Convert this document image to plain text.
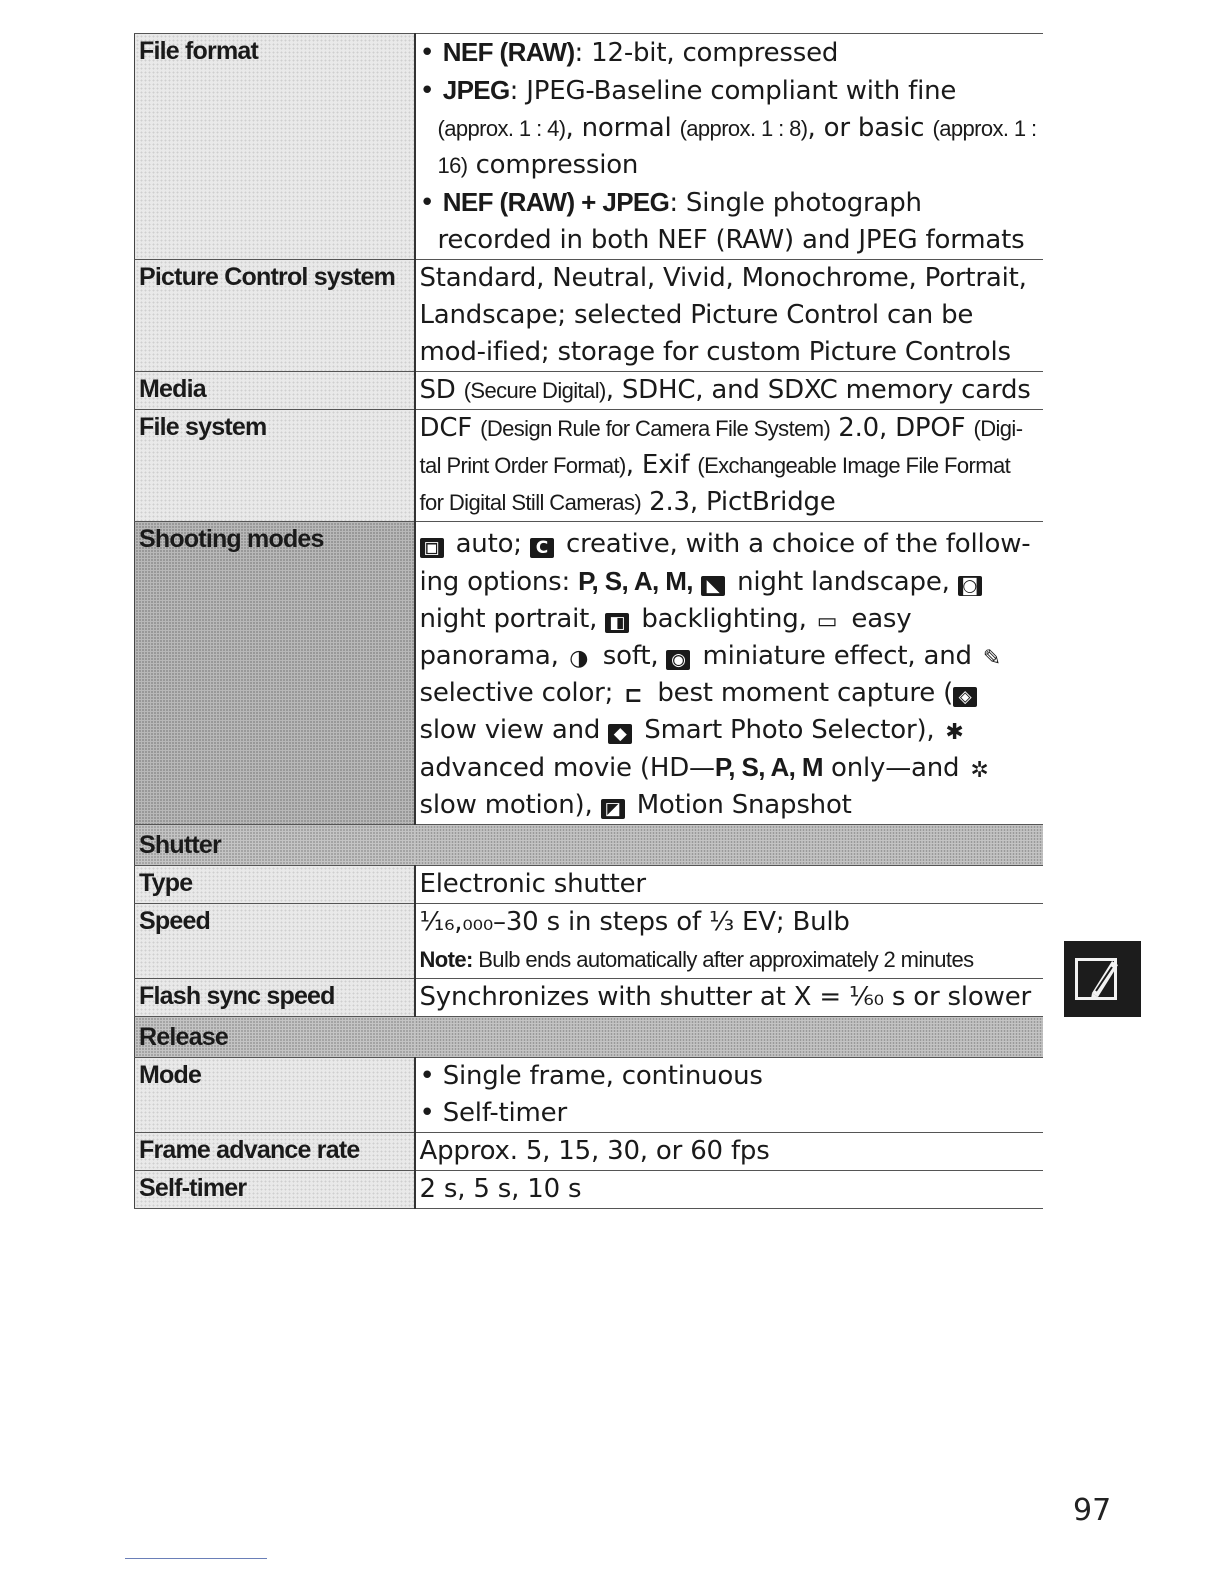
File format	• NEF (RAW): 12-bit, compressed
• JPEG: JPEG-Baseline compliant with fine (approx. 1 : 4), normal (approx. 1 : 8), or basic (approx. 1 : 16) compression
• NEF (RAW) + JPEG: Single photograph recorded in both NEF (RAW) and JPEG formats

Picture Control system	Standard, Neutral, Vivid, Monochrome, Portrait, Landscape; selected Picture Control can be mod-ified; storage for custom Picture Controls
Media	SD (Secure Digital), SDHC, and SDXC memory cards
File system	DCF (Design Rule for Camera File System) 2.0, DPOF (Digi-tal Print Order Format), Exif (Exchangeable Image File Format for Digital Still Cameras) 2.3, PictBridge
Shooting modes	▣ auto; C creative, with a choice of the follow-ing options: P, S, A, M, ◣ night landscape, ◙ night portrait, ◧ backlighting, ▭ easy panorama, ◑ soft, ◉ miniature effect, and ✎ selective color; ⊏ best moment capture ( ◈ slow view and ◆ Smart Photo Selector), ✱ advanced movie (HD—P, S, A, M only—and ✲ slow motion), ◪ Motion Snapshot
Shutter	
Type	Electronic shutter
Speed	¹⁄₁₆,₀₀₀–30 s in steps of ⅓ EV; Bulb

Note: Bulb ends automatically after approximately 2 minutes

Flash sync speed	Synchronizes with shutter at X = ¹⁄₆₀ s or slower
Release	
Mode	• Single frame, continuous
• Self-timer

Frame advance rate	Approx. 5, 15, 30, or 60 fps
Self-timer	2 s, 5 s, 10 s
97
